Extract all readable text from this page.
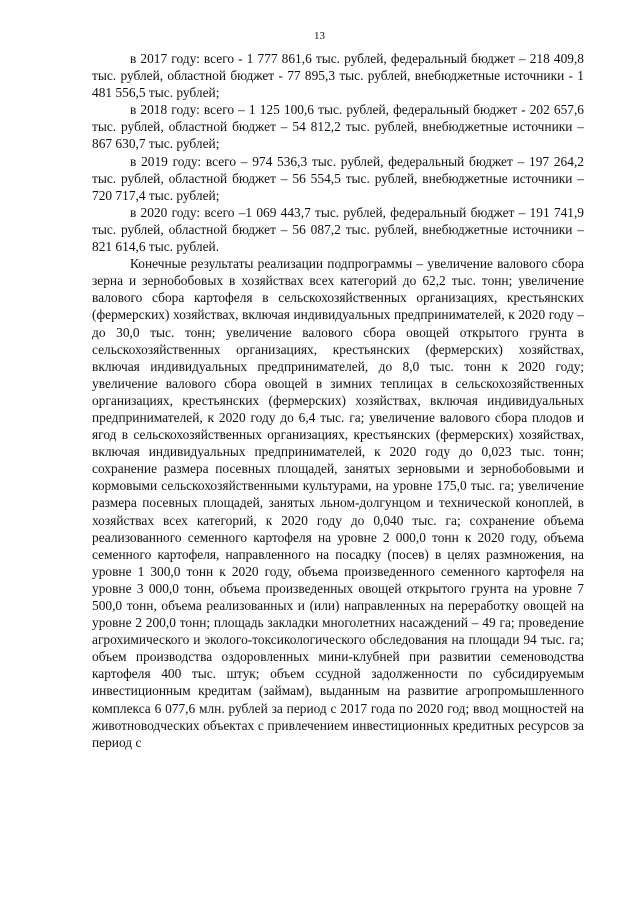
13

в 2017 году: всего - 1 777 861,6 тыс. рублей, федеральный бюджет – 218 409,8 тыс. рублей, областной бюджет - 77 895,3 тыс. рублей, внебюджетные источники - 1 481 556,5 тыс. рублей;

в 2018 году: всего – 1 125 100,6 тыс. рублей, федеральный бюджет - 202 657,6 тыс. рублей, областной бюджет – 54 812,2 тыс. рублей, внебюджетные источники – 867 630,7 тыс. рублей;

в 2019 году: всего – 974 536,3 тыс. рублей, федеральный бюджет – 197 264,2 тыс. рублей, областной бюджет – 56 554,5 тыс. рублей, внебюджетные источники – 720 717,4 тыс. рублей;

в 2020 году: всего –1 069 443,7 тыс. рублей, федеральный бюджет – 191 741,9 тыс. рублей, областной бюджет – 56 087,2 тыс. рублей, внебюджетные источники – 821 614,6 тыс. рублей.

Конечные результаты реализации подпрограммы – увеличение валового сбора зерна и зернобобовых в хозяйствах всех категорий до 62,2 тыс. тонн; увеличение валового сбора картофеля в сельскохозяйственных организациях, крестьянских (фермерских) хозяйствах, включая индивидуальных предпринимателей, к 2020 году – до 30,0 тыс. тонн; увеличение валового сбора овощей открытого грунта в сельскохозяйственных организациях, крестьянских (фермерских) хозяйствах, включая индивидуальных предпринимателей, до 8,0 тыс. тонн к 2020 году; увеличение валового сбора овощей в зимних теплицах в сельскохозяйственных организациях, крестьянских (фермерских) хозяйствах, включая индивидуальных предпринимателей, к 2020 году до 6,4 тыс. га; увеличение валового сбора плодов и ягод в сельскохозяйственных организациях, крестьянских (фермерских) хозяйствах, включая индивидуальных предпринимателей, к 2020 году до 0,023 тыс. тонн; сохранение размера посевных площадей, занятых зерновыми и зернобобовыми и кормовыми сельскохозяйственными культурами, на уровне 175,0 тыс. га; увеличение размера посевных площадей, занятых льном-долгунцом и технической коноплей, в хозяйствах всех категорий, к 2020 году до 0,040 тыс. га; сохранение объема реализованного семенного картофеля на уровне 2 000,0 тонн к 2020 году, объема семенного картофеля, направленного на посадку (посев) в целях размножения, на уровне 1 300,0 тонн к 2020 году, объема произведенного семенного картофеля на уровне 3 000,0 тонн, объема произведенных овощей открытого грунта на уровне 7 500,0 тонн, объема реализованных и (или) направленных на переработку овощей на уровне 2 200,0 тонн; площадь закладки многолетних насаждений – 49 га; проведение агрохимического и эколого-токсикологического обследования на площади 94 тыс. га; объем производства оздоровленных мини-клубней при развитии семеноводства картофеля 400 тыс. штук; объем ссудной задолженности по субсидируемым инвестиционным кредитам (займам), выданным на развитие агропромышленного комплекса 6 077,6 млн. рублей за период с 2017 года по 2020 год; ввод мощностей на животноводческих объектах с привлечением инвестиционных кредитных ресурсов за период с
